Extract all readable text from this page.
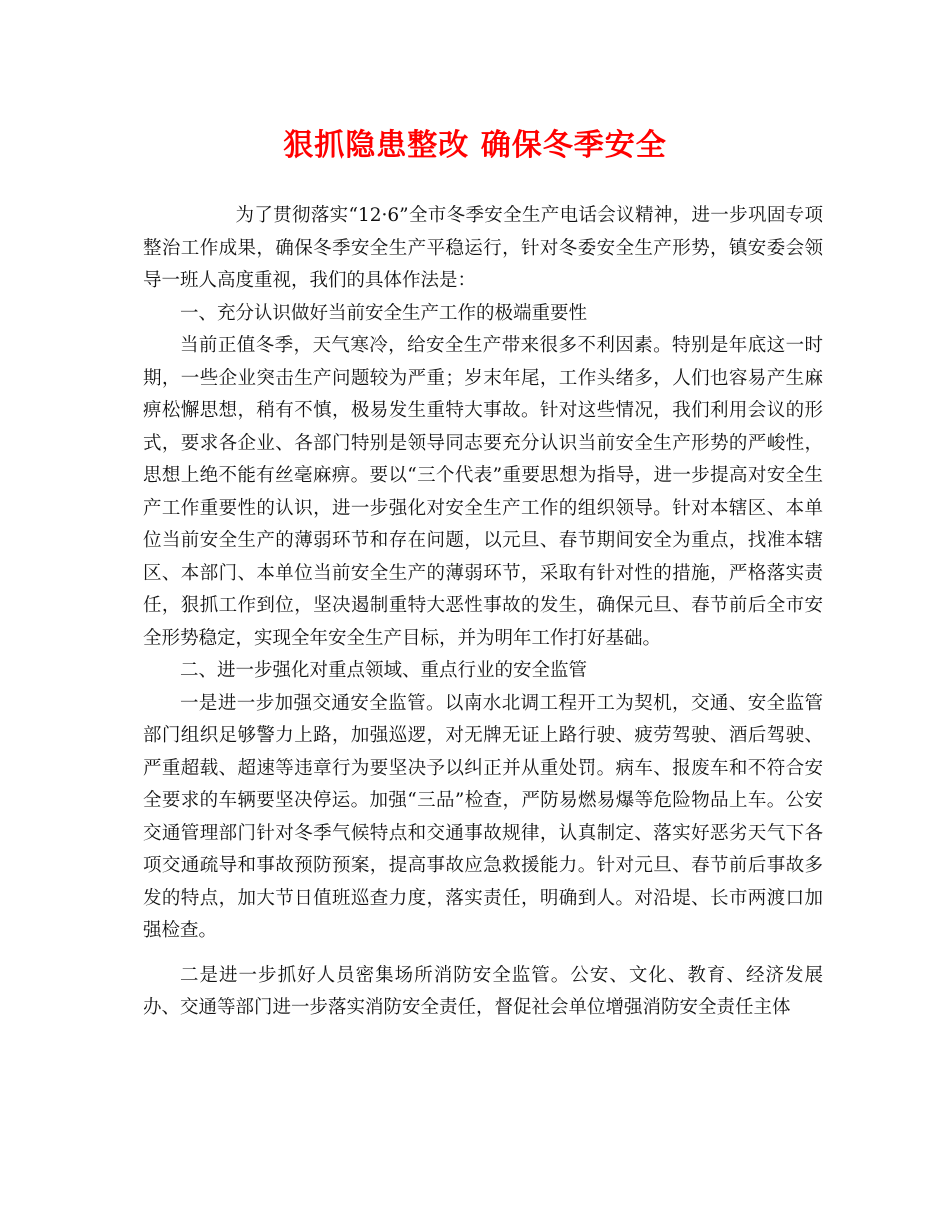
狠抓隐患整改 确保冬季安全

为了贯彻落实“12·6”全市冬季安全生产电话会议精神，进一步巩固专项整治工作成果，确保冬季安全生产平稳运行，针对冬委安全生产形势，镇安委会领导一班人高度重视，我们的具体作法是：

一、充分认识做好当前安全生产工作的极端重要性

当前正值冬季，天气寒冷，给安全生产带来很多不利因素。特别是年底这一时期，一些企业突击生产问题较为严重；岁末年尾，工作头绪多，人们也容易产生麻痹松懈思想，稍有不慎，极易发生重特大事故。针对这些情况，我们利用会议的形式，要求各企业、各部门特别是领导同志要充分认识当前安全生产形势的严峻性，思想上绝不能有丝毫麻痹。要以“三个代表”重要思想为指导，进一步提高对安全生产工作重要性的认识，进一步强化对安全生产工作的组织领导。针对本辖区、本单位当前安全生产的薄弱环节和存在问题，以元旦、春节期间安全为重点，找准本辖区、本部门、本单位当前安全生产的薄弱环节，采取有针对性的措施，严格落实责任，狠抓工作到位，坚决遏制重特大恶性事故的发生，确保元旦、春节前后全市安全形势稳定，实现全年安全生产目标，并为明年工作打好基础。

二、进一步强化对重点领域、重点行业的安全监管

一是进一步加强交通安全监管。以南水北调工程开工为契机，交通、安全监管部门组织足够警力上路，加强巡逻，对无牌无证上路行驶、疲劳驾驶、酒后驾驶、严重超载、超速等违章行为要坚决予以纠正并从重处罚。病车、报废车和不符合安全要求的车辆要坚决停运。加强“三品”检查，严防易燃易爆等危险物品上车。公安交通管理部门针对冬季气候特点和交通事故规律，认真制定、落实好恶劣天气下各项交通疏导和事故预防预案，提高事故应急救援能力。针对元旦、春节前后事故多发的特点，加大节日值班巡查力度，落实责任，明确到人。对沿堤、长市两渡口加强检查。

二是进一步抓好人员密集场所消防安全监管。公安、文化、教育、经济发展办、交通等部门进一步落实消防安全责任，督促社会单位增强消防安全责任主体
